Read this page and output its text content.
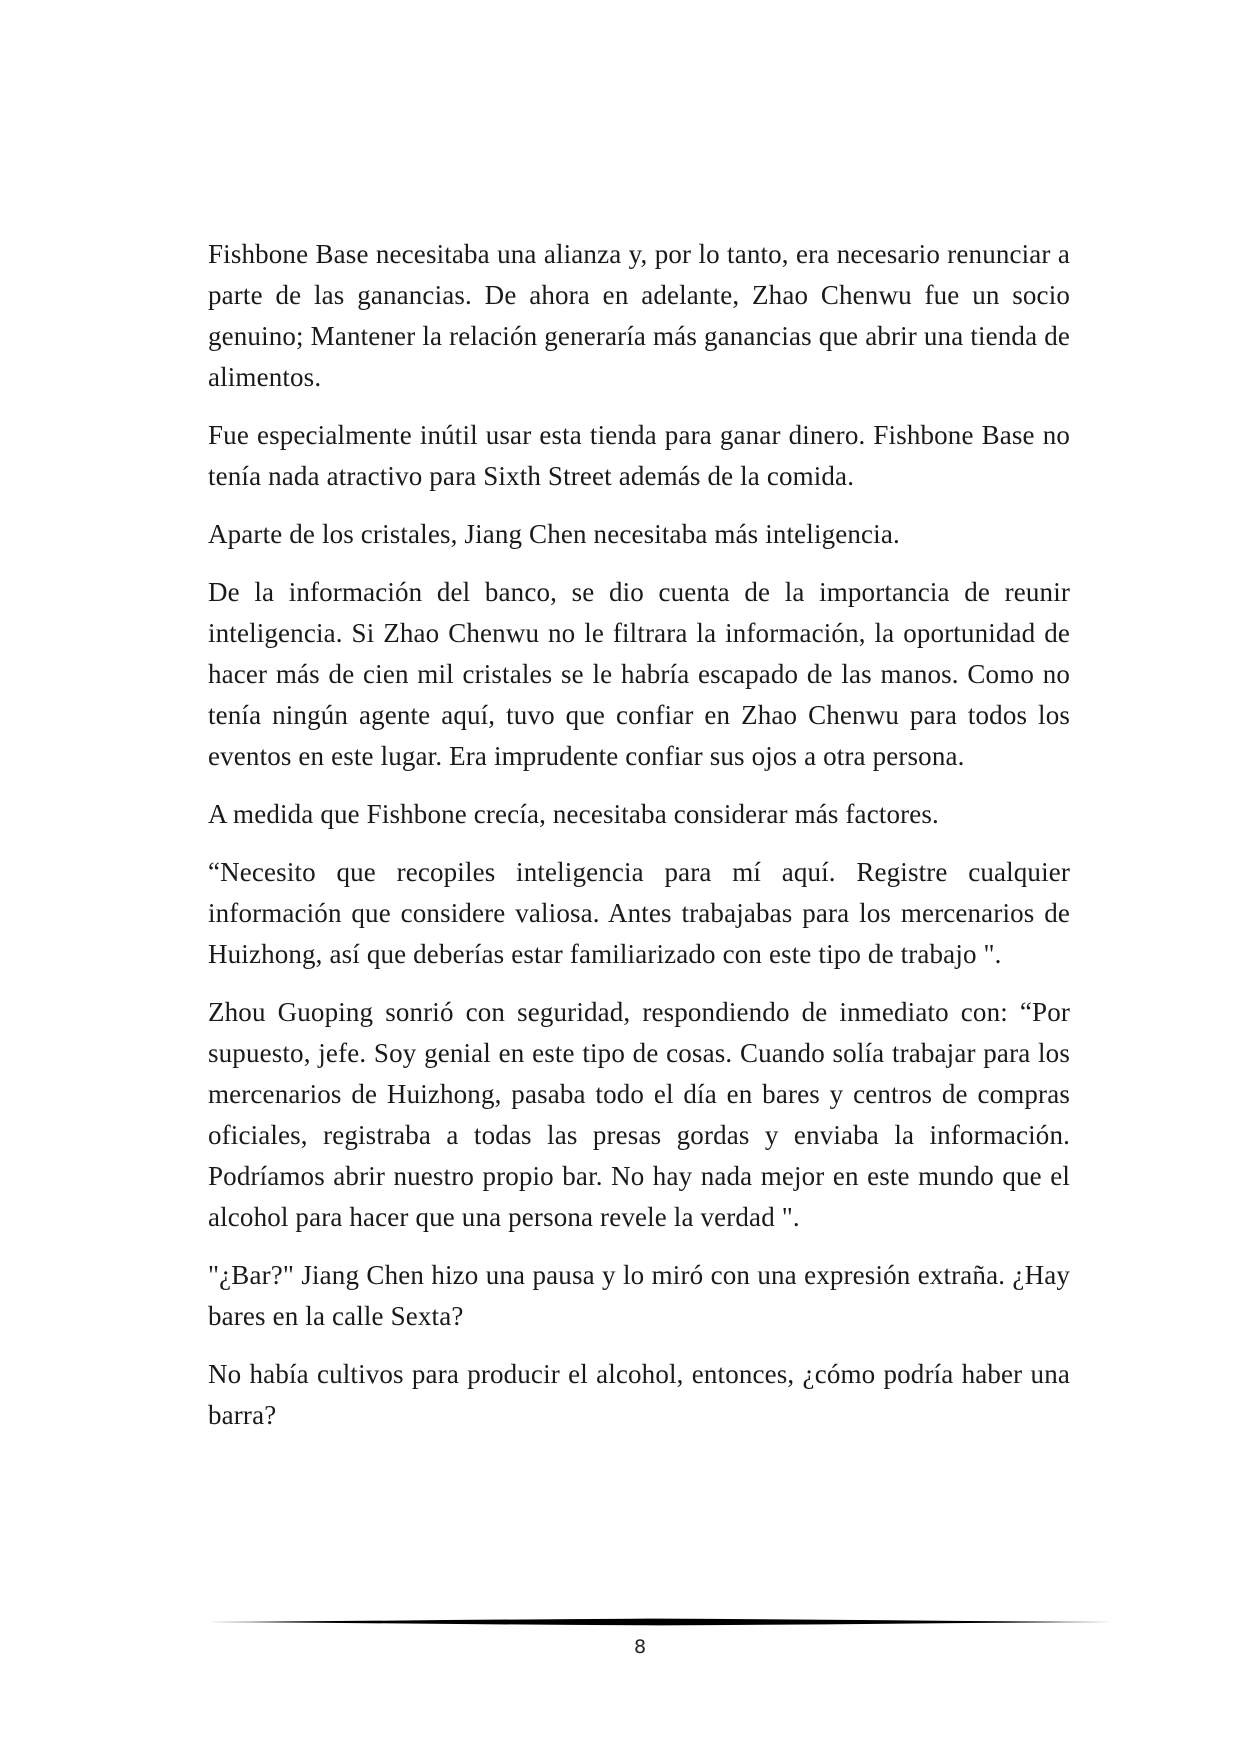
Fishbone Base necesitaba una alianza y, por lo tanto, era necesario renunciar a parte de las ganancias. De ahora en adelante, Zhao Chenwu fue un socio genuino; Mantener la relación generaría más ganancias que abrir una tienda de alimentos.

Fue especialmente inútil usar esta tienda para ganar dinero. Fishbone Base no tenía nada atractivo para Sixth Street además de la comida.

Aparte de los cristales, Jiang Chen necesitaba más inteligencia.

De la información del banco, se dio cuenta de la importancia de reunir inteligencia. Si Zhao Chenwu no le filtrara la información, la oportunidad de hacer más de cien mil cristales se le habría escapado de las manos. Como no tenía ningún agente aquí, tuvo que confiar en Zhao Chenwu para todos los eventos en este lugar. Era imprudente confiar sus ojos a otra persona.

A medida que Fishbone crecía, necesitaba considerar más factores.

“Necesito que recopiles inteligencia para mí aquí. Registre cualquier información que considere valiosa. Antes trabajabas para los mercenarios de Huizhong, así que deberías estar familiarizado con este tipo de trabajo ".

Zhou Guoping sonrió con seguridad, respondiendo de inmediato con: “Por supuesto, jefe. Soy genial en este tipo de cosas. Cuando solía trabajar para los mercenarios de Huizhong, pasaba todo el día en bares y centros de compras oficiales, registraba a todas las presas gordas y enviaba la información. Podríamos abrir nuestro propio bar. No hay nada mejor en este mundo que el alcohol para hacer que una persona revele la verdad ".

"¿Bar?" Jiang Chen hizo una pausa y lo miró con una expresión extraña. ¿Hay bares en la calle Sexta?

No había cultivos para producir el alcohol, entonces, ¿cómo podría haber una barra?

8
